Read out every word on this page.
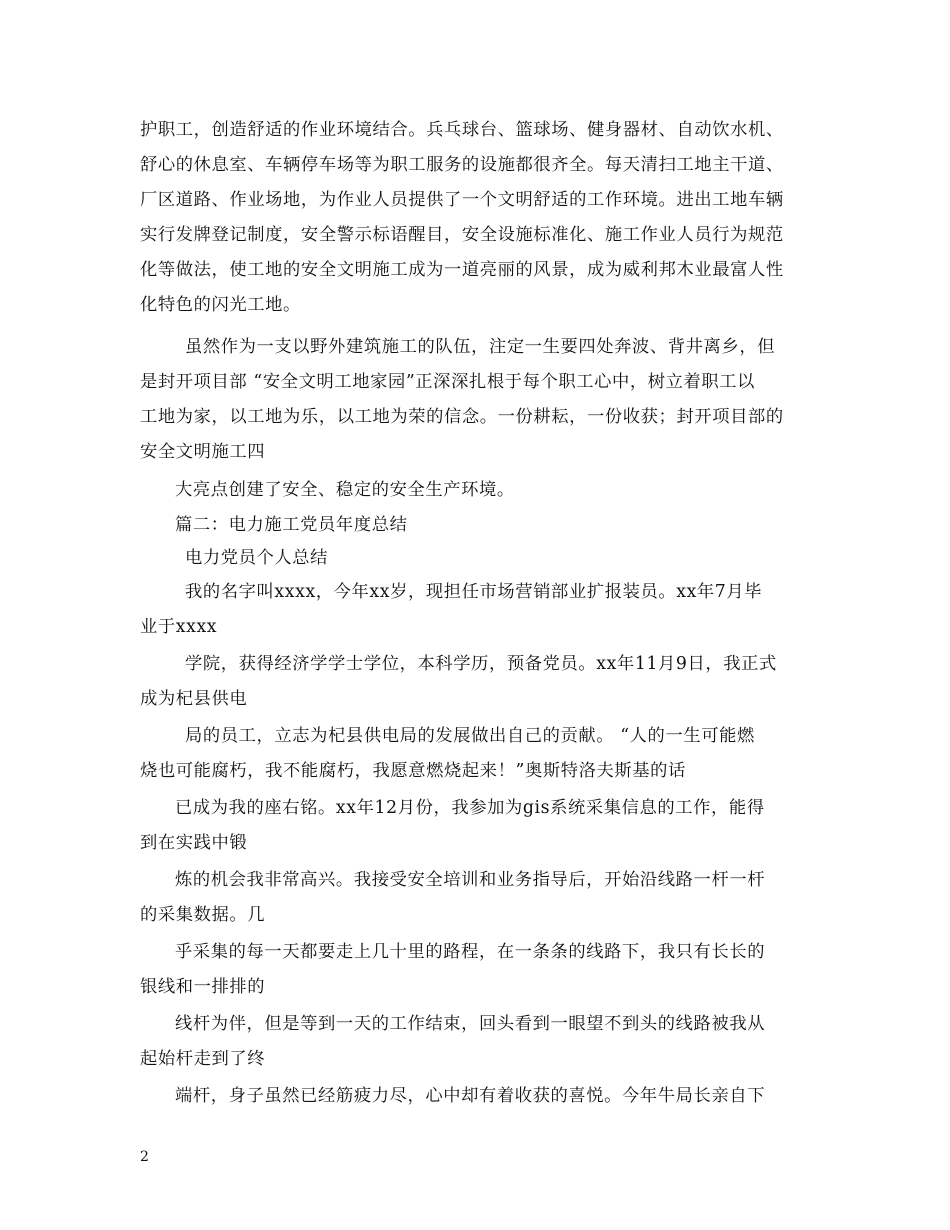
护职工，创造舒适的作业环境结合。兵乓球台、篮球场、健身器材、自动饮水机、
舒心的休息室、车辆停车场等为职工服务的设施都很齐全。每天清扫工地主干道、
厂区道路、作业场地，为作业人员提供了一个文明舒适的工作环境。进出工地车辆
实行发牌登记制度，安全警示标语醒目，安全设施标准化、施工作业人员行为规范
化等做法，使工地的安全文明施工成为一道亮丽的风景，成为威利邦木业最富人性
化特色的闪光工地。
虽然作为一支以野外建筑施工的队伍，注定一生要四处奔波、背井离乡，但
是封开项目部 “安全文明工地家园”正深深扎根于每个职工心中，树立着职工以
工地为家，以工地为乐，以工地为荣的信念。一份耕耘，一份收获；封开项目部的
安全文明施工四
大亮点创建了安全、稳定的安全生产环境。
篇二：电力施工党员年度总结
电力党员个人总结
我的名字叫xxxx，今年xx岁，现担任市场营销部业扩报装员。xx年7月毕
业于xxxx
学院，获得经济学学士学位，本科学历，预备党员。xx年11月9日，我正式
成为杞县供电
局的员工，立志为杞县供电局的发展做出自己的贡献。 “人的一生可能燃
烧也可能腐朽，我不能腐朽，我愿意燃烧起来！”奥斯特洛夫斯基的话
已成为我的座右铭。xx年12月份，我参加为gis系统采集信息的工作，能得
到在实践中锻
炼的机会我非常高兴。我接受安全培训和业务指导后，开始沿线路一杆一杆
的采集数据。几
乎采集的每一天都要走上几十里的路程，在一条条的线路下，我只有长长的
银线和一排排的
线杆为伴，但是等到一天的工作结束，回头看到一眼望不到头的线路被我从
起始杆走到了终
端杆，身子虽然已经筋疲力尽，心中却有着收获的喜悦。今年牛局长亲自下
2
